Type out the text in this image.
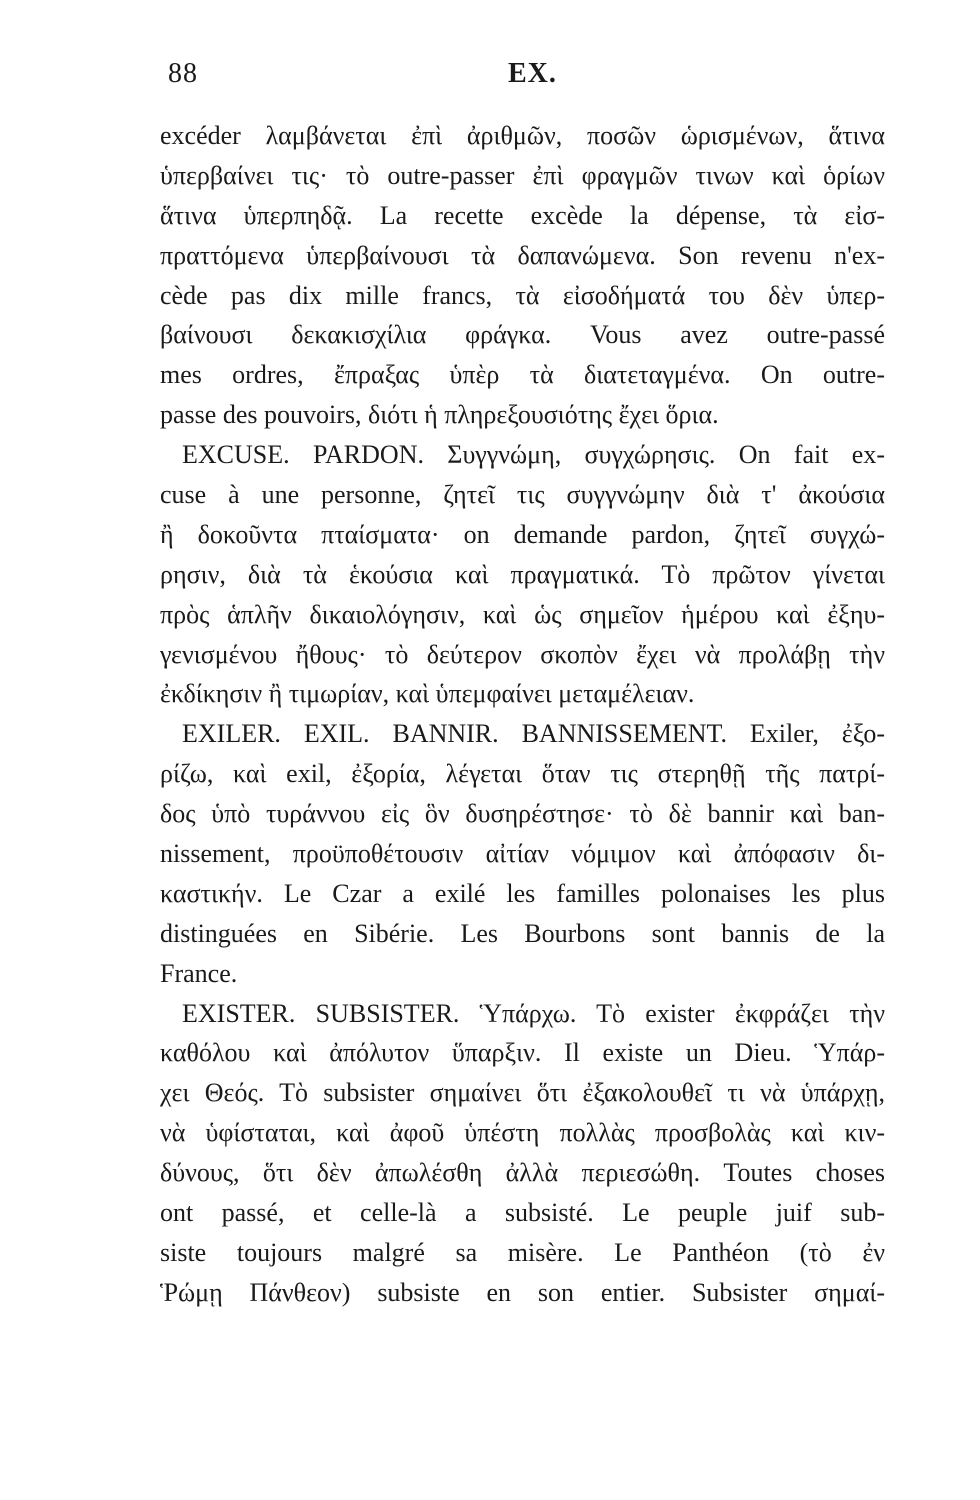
88	EX.
excéder λαμβάνεται ἐπὶ ἀριθμῶν, ποσῶν ὡρισμένων, ἅτινα
ὑπερβαίνει τις· τὸ outre-passer ἐπὶ φραγμῶν τινων καὶ ὁρίων
ἅτινα ὑπερπηδᾷ. La recette excède la dépense, τὰ εἰσ-
πραττόμενα ὑπερβαίνουσι τὰ δαπανώμενα. Son revenu n'ex-
cède pas dix mille francs, τὰ εἰσοδήματά του δὲν ὑπερ-
βαίνουσι δεκακισχίλια φράγκα. Vous avez outre-passé
mes ordres, ἔπραξας ὑπὲρ τὰ διατεταγμένα. On outre-
passe des pouvoirs, διότι ἡ πληρεξουσιότης ἔχει ὅρια.
EXCUSE. PARDON. Συγγνώμη, συγχώρησις. On fait ex-
cuse à une personne, ζητεῖ τις συγγνώμην διὰ τ' ἀκούσια
ἢ δοκοῦντα πταίσματα· on demande pardon, ζητεῖ συγχώ-
ρησιν, διὰ τὰ ἑκούσια καὶ πραγματικά. Τὸ πρῶτον γίνεται
πρὸς ἁπλῆν δικαιολόγησιν, καὶ ὡς σημεῖον ἡμέρου καὶ ἐξηυ-
γενισμένου ἤθους· τὸ δεύτερον σκοπὸν ἔχει νὰ προλάβῃ τὴν
ἐκδίκησιν ἢ τιμωρίαν, καὶ ὑπεμφαίνει μεταμέλειαν.
EXILER. EXIL. BANNIR. BANNISSEMENT. Exiler, ἐξο-
ρίζω, καὶ exil, ἐξορία, λέγεται ὅταν τις στερηθῇ τῆς πατρί-
δος ὑπὸ τυράννου εἰς ὃν δυσηρέστησε· τὸ δὲ bannir καὶ ban-
nissement, προϋποθέτουσιν αἰτίαν νόμιμον καὶ ἀπόφασιν δι-
καστικήν. Le Czar a exilé les familles polonaises les plus
distinguées en Sibérie. Les Bourbons sont bannis de la
France.
EXISTER. SUBSISTER. Ὑπάρχω. Τὸ exister ἐκφράζει τὴν
καθόλου καὶ ἀπόλυτον ὕπαρξιν. Il existe un Dieu. Ὑπάρ-
χει Θεός. Τὸ subsister σημαίνει ὅτι ἐξακολουθεῖ τι νὰ ὑπάρχῃ,
νὰ ὑφίσταται, καὶ ἀφοῦ ὑπέστη πολλὰς προσβολὰς καὶ κιν-
δύνους, ὅτι δὲν ἀπωλέσθη ἀλλὰ περιεσώθη. Toutes choses
ont passé, et celle-là a subsisté. Le peuple juif sub-
siste toujours malgré sa misère. Le Panthéon (τὸ ἐν
Ῥώμῃ Πάνθεον) subsiste en son entier. Subsister σημαί-
